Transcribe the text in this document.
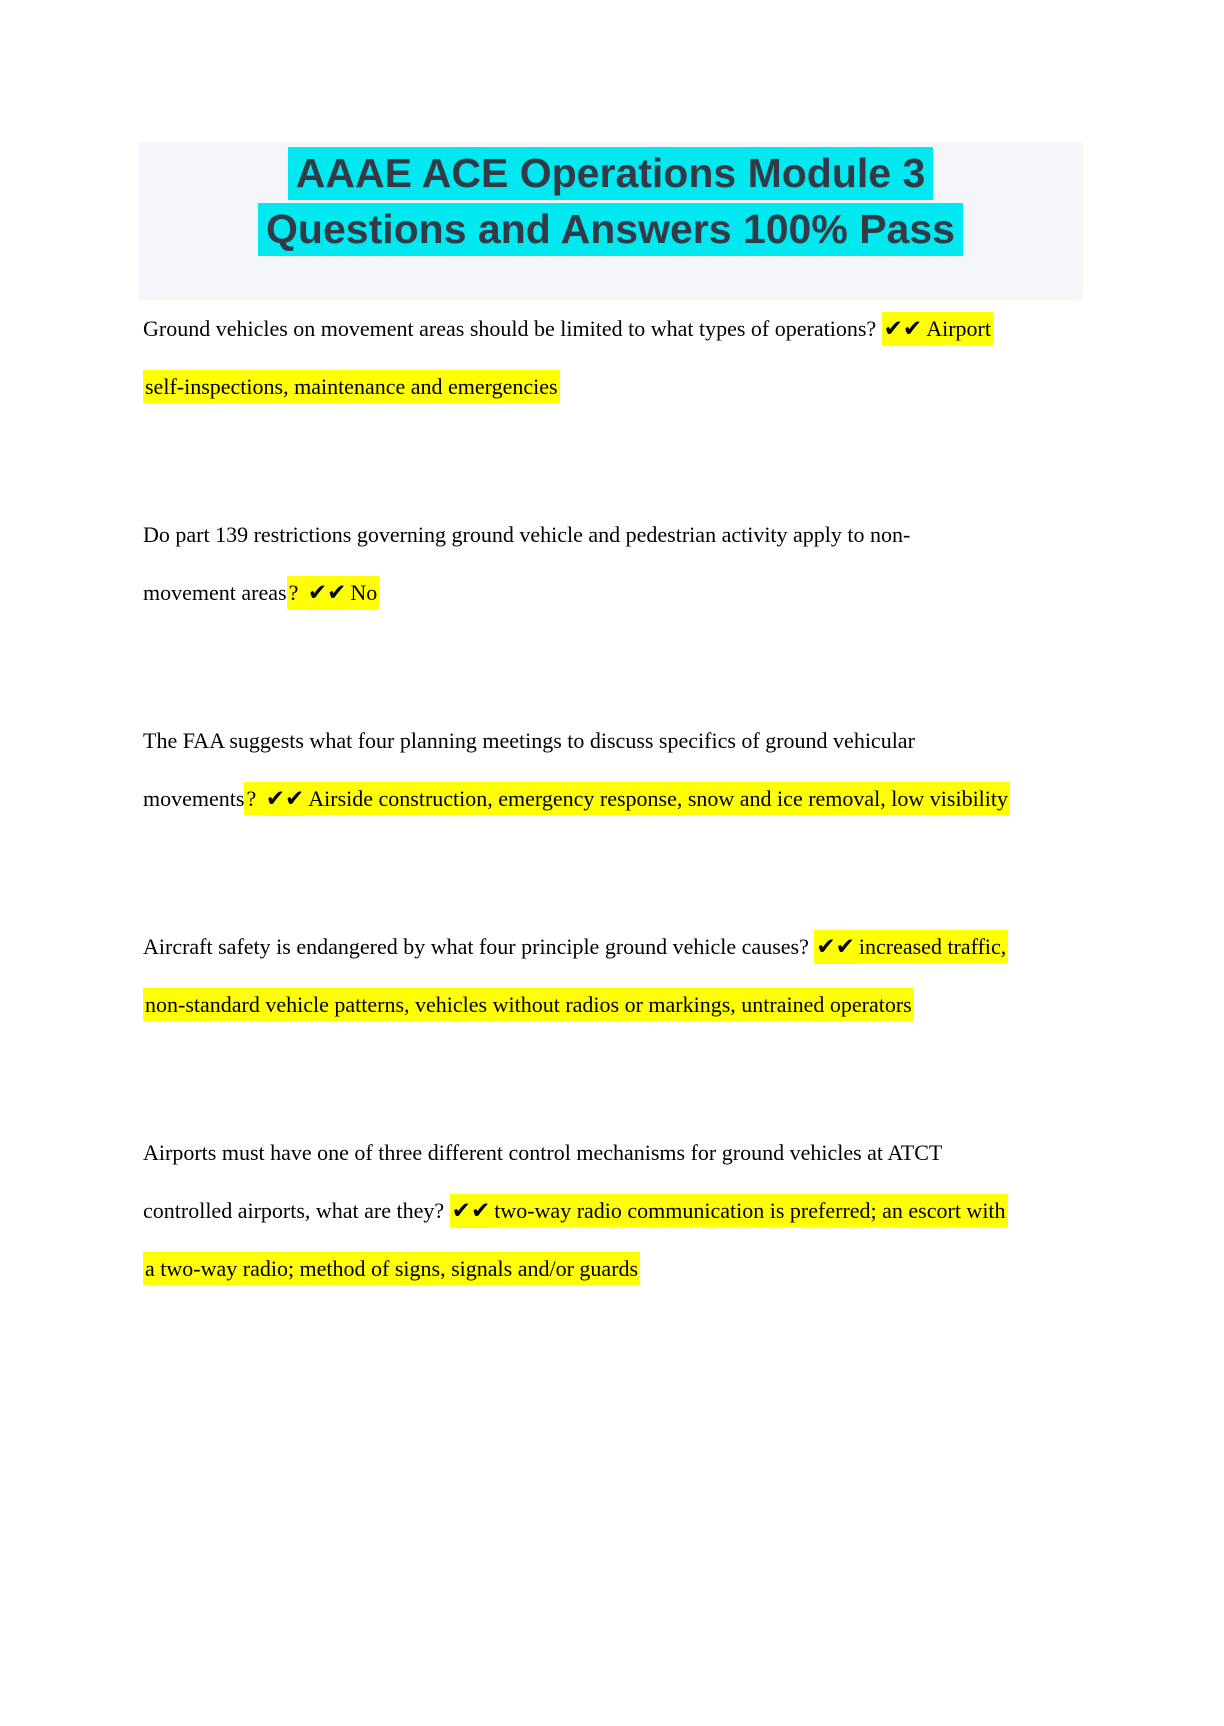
AAAE ACE Operations Module 3
Questions and Answers 100% Pass
Ground vehicles on movement areas should be limited to what types of operations? ✔✔ Airport
self-inspections, maintenance and emergencies
Do part 139 restrictions governing ground vehicle and pedestrian activity apply to non-
movement areas? ✔✔ No
The FAA suggests what four planning meetings to discuss specifics of ground vehicular
movements? ✔✔ Airside construction, emergency response, snow and ice removal, low visibility
Aircraft safety is endangered by what four principle ground vehicle causes? ✔✔ increased traffic,
non-standard vehicle patterns, vehicles without radios or markings, untrained operators
Airports must have one of three different control mechanisms for ground vehicles at ATCT
controlled airports, what are they? ✔✔ two-way radio communication is preferred; an escort with
a two-way radio; method of signs, signals and/or guards
